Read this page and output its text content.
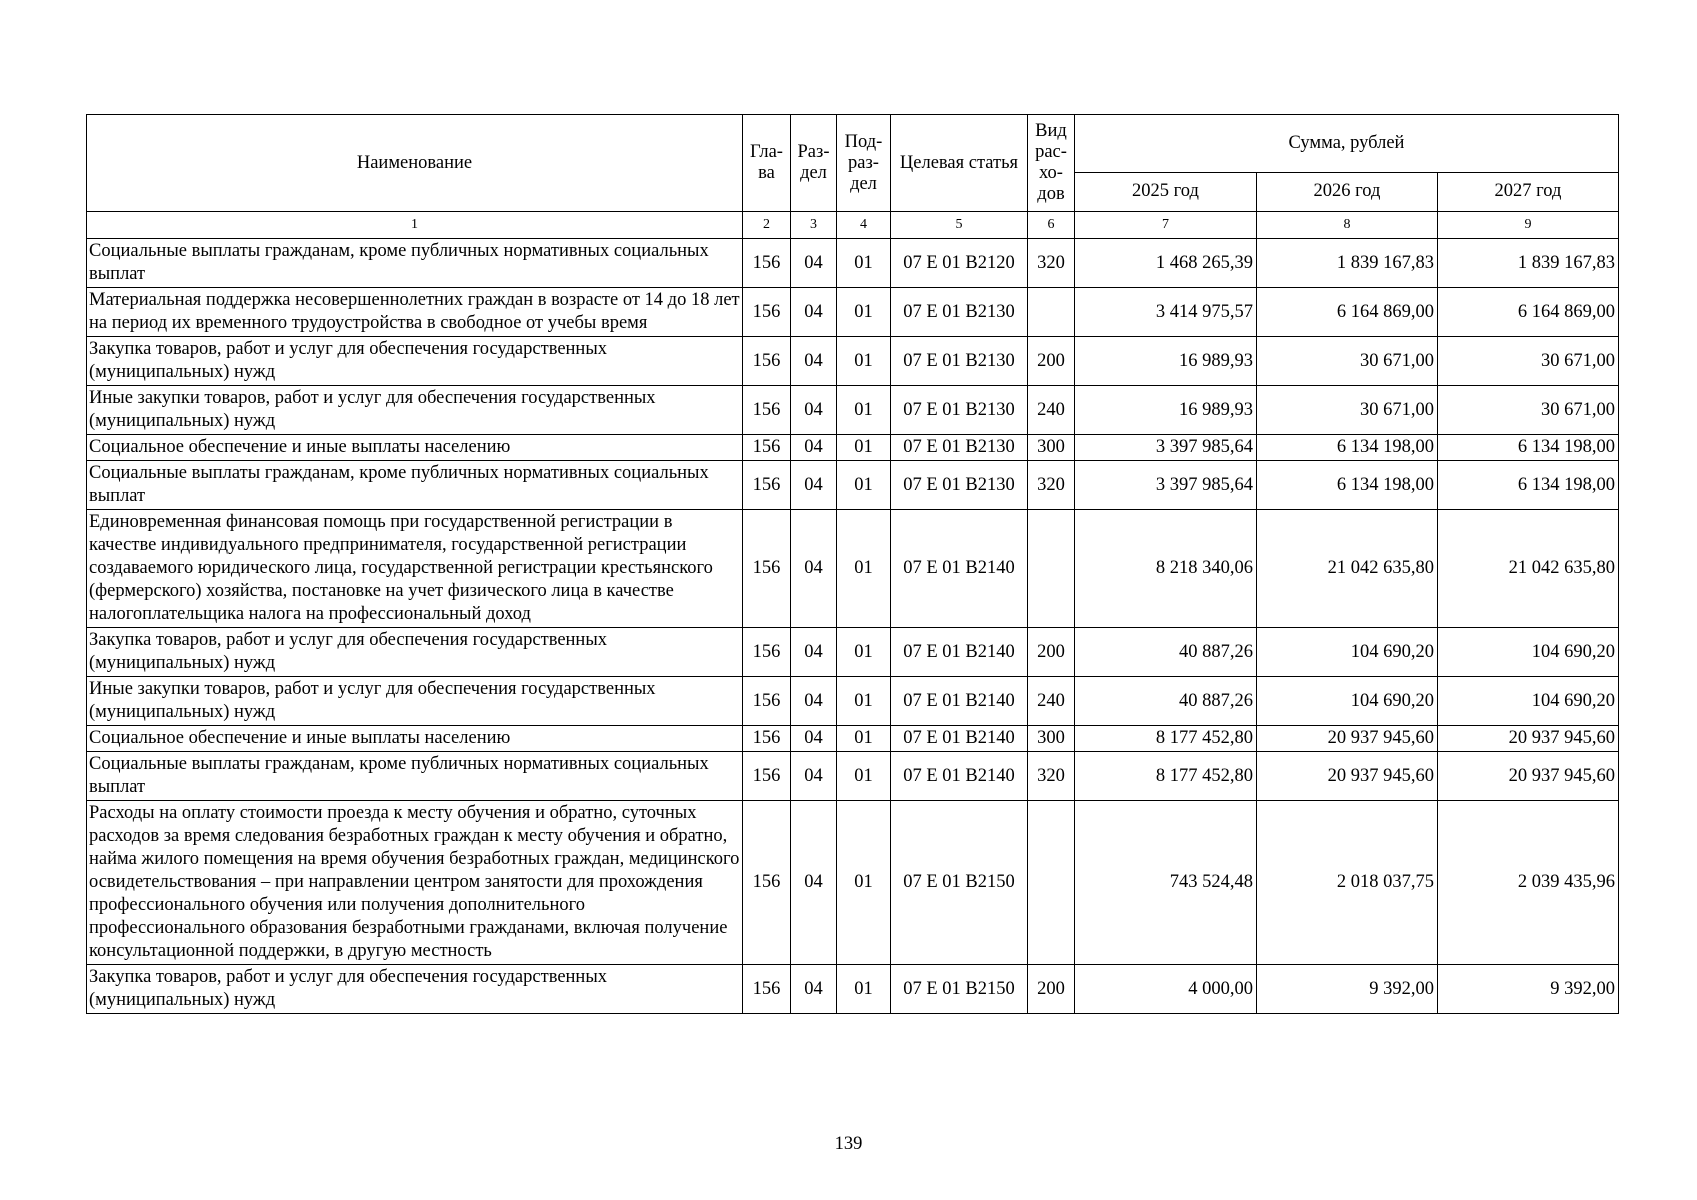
Наименование	Гла- ва	Раз- дел	Под- раз- дел	Целевая статья	Вид рас- хо- дов	Сумма, рублей		
						2025 год	2026 год	2027 год
1	2	3	4	5	6	7	8	9
Социальные выплаты гражданам, кроме публичных нормативных социальных выплат	156	04	01	07 Е 01 В2120	320	1 468 265,39	1 839 167,83	1 839 167,83
Материальная поддержка несовершеннолетних граждан в возрасте от 14 до 18 лет на период их временного трудоустройства в свободное от учебы время	156	04	01	07 Е 01 В2130		3 414 975,57	6 164 869,00	6 164 869,00
Закупка товаров, работ и услуг для обеспечения государственных (муниципальных) нужд	156	04	01	07 Е 01 В2130	200	16 989,93	30 671,00	30 671,00
Иные закупки товаров, работ и услуг для обеспечения государственных (муниципальных) нужд	156	04	01	07 Е 01 В2130	240	16 989,93	30 671,00	30 671,00
Социальное обеспечение и иные выплаты населению	156	04	01	07 Е 01 В2130	300	3 397 985,64	6 134 198,00	6 134 198,00
Социальные выплаты гражданам, кроме публичных нормативных социальных выплат	156	04	01	07 Е 01 В2130	320	3 397 985,64	6 134 198,00	6 134 198,00
Единовременная финансовая помощь при государственной регистрации в качестве индивидуального предпринимателя, государственной регистрации создаваемого юридического лица, государственной регистрации крестьянского (фермерского) хозяйства, постановке на учет физического лица в качестве налогоплательщика налога на профессиональный доход	156	04	01	07 Е 01 В2140		8 218 340,06	21 042 635,80	21 042 635,80
Закупка товаров, работ и услуг для обеспечения государственных (муниципальных) нужд	156	04	01	07 Е 01 В2140	200	40 887,26	104 690,20	104 690,20
Иные закупки товаров, работ и услуг для обеспечения государственных (муниципальных) нужд	156	04	01	07 Е 01 В2140	240	40 887,26	104 690,20	104 690,20
Социальное обеспечение и иные выплаты населению	156	04	01	07 Е 01 В2140	300	8 177 452,80	20 937 945,60	20 937 945,60
Социальные выплаты гражданам, кроме публичных нормативных социальных выплат	156	04	01	07 Е 01 В2140	320	8 177 452,80	20 937 945,60	20 937 945,60
Расходы на оплату стоимости проезда к месту обучения и обратно, суточных расходов за время следования безработных граждан к месту обучения и обратно, найма жилого помещения на время обучения безработных граждан, медицинского освидетельствования – при направлении центром занятости для прохождения профессионального обучения или получения дополнительного профессионального образования безработными гражданами, включая получение консультационной поддержки, в другую местность	156	04	01	07 Е 01 В2150		743 524,48	2 018 037,75	2 039 435,96
Закупка товаров, работ и услуг для обеспечения государственных (муниципальных) нужд	156	04	01	07 Е 01 В2150	200	4 000,00	9 392,00	9 392,00
139
